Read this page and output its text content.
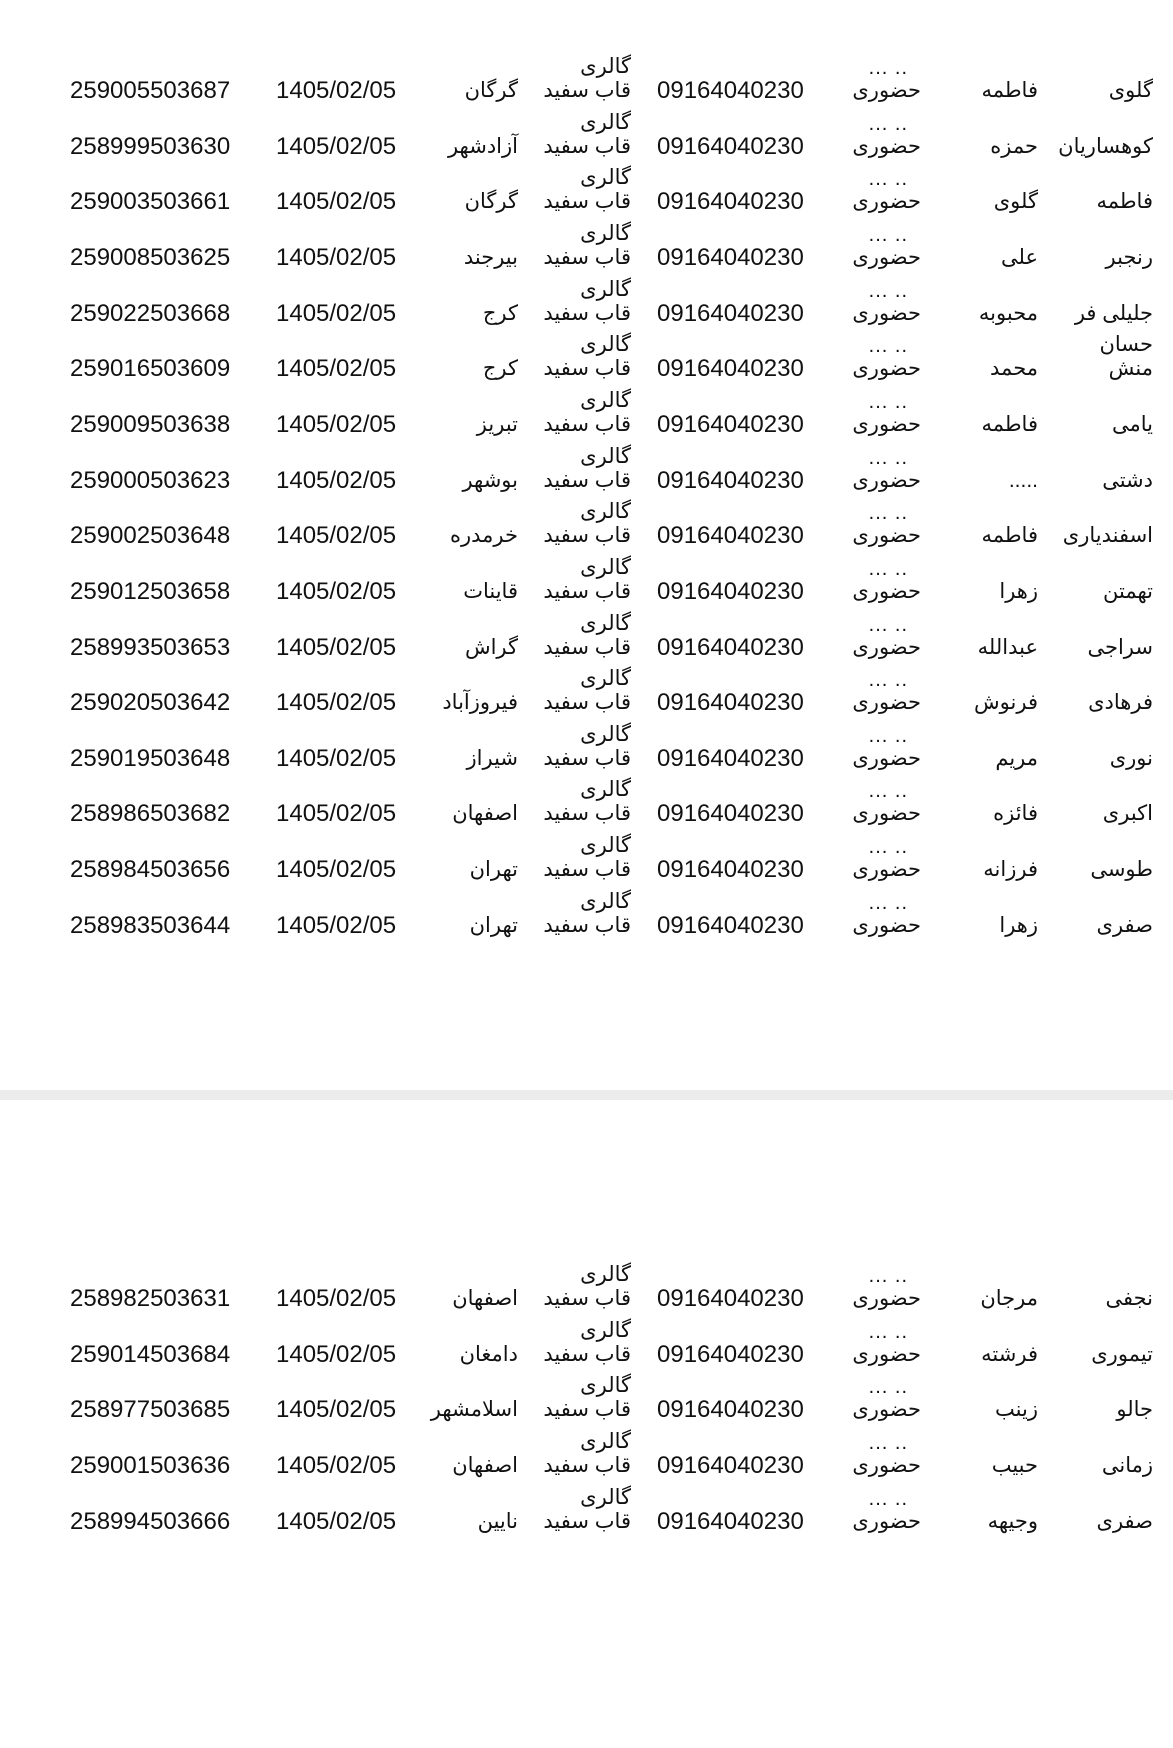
گلوی
فاطمه
.. ...
حضوری
09164040230
گالری
قاب سفید
گرگان
1405/02/05
259005503687
کوهساریان
حمزه
.. ...
حضوری
09164040230
گالری
قاب سفید
آزادشهر
1405/02/05
258999503630
فاطمه
گلوی
.. ...
حضوری
09164040230
گالری
قاب سفید
گرگان
1405/02/05
259003503661
رنجبر
علی
.. ...
حضوری
09164040230
گالری
قاب سفید
بیرجند
1405/02/05
259008503625
جلیلی فر
محبوبه
.. ...
حضوری
09164040230
گالری
قاب سفید
کرج
1405/02/05
259022503668
منش
محمد
.. ...
حضوری
09164040230
گالری
قاب سفید
کرج
1405/02/05
259016503609
حسان
یامی
فاطمه
.. ...
حضوری
09164040230
گالری
قاب سفید
تبریز
1405/02/05
259009503638
دشتی
.....
.. ...
حضوری
09164040230
گالری
قاب سفید
بوشهر
1405/02/05
259000503623
اسفندیاری
فاطمه
.. ...
حضوری
09164040230
گالری
قاب سفید
خرمدره
1405/02/05
259002503648
تهمتن
زهرا
.. ...
حضوری
09164040230
گالری
قاب سفید
قاینات
1405/02/05
259012503658
سراجی
عبدالله
.. ...
حضوری
09164040230
گالری
قاب سفید
گراش
1405/02/05
258993503653
فرهادی
فرنوش
.. ...
حضوری
09164040230
گالری
قاب سفید
فیروزآباد
1405/02/05
259020503642
نوری
مریم
.. ...
حضوری
09164040230
گالری
قاب سفید
شیراز
1405/02/05
259019503648
اکبری
فائزه
.. ...
حضوری
09164040230
گالری
قاب سفید
اصفهان
1405/02/05
258986503682
طوسی
فرزانه
.. ...
حضوری
09164040230
گالری
قاب سفید
تهران
1405/02/05
258984503656
صفری
زهرا
.. ...
حضوری
09164040230
گالری
قاب سفید
تهران
1405/02/05
258983503644
نجفی
مرجان
.. ...
حضوری
09164040230
گالری
قاب سفید
اصفهان
1405/02/05
258982503631
تیموری
فرشته
.. ...
حضوری
09164040230
گالری
قاب سفید
دامغان
1405/02/05
259014503684
جالو
زینب
.. ...
حضوری
09164040230
گالری
قاب سفید
اسلامشهر
1405/02/05
258977503685
زمانی
حبیب
.. ...
حضوری
09164040230
گالری
قاب سفید
اصفهان
1405/02/05
259001503636
صفری
وجیهه
.. ...
حضوری
09164040230
گالری
قاب سفید
نایین
1405/02/05
258994503666
